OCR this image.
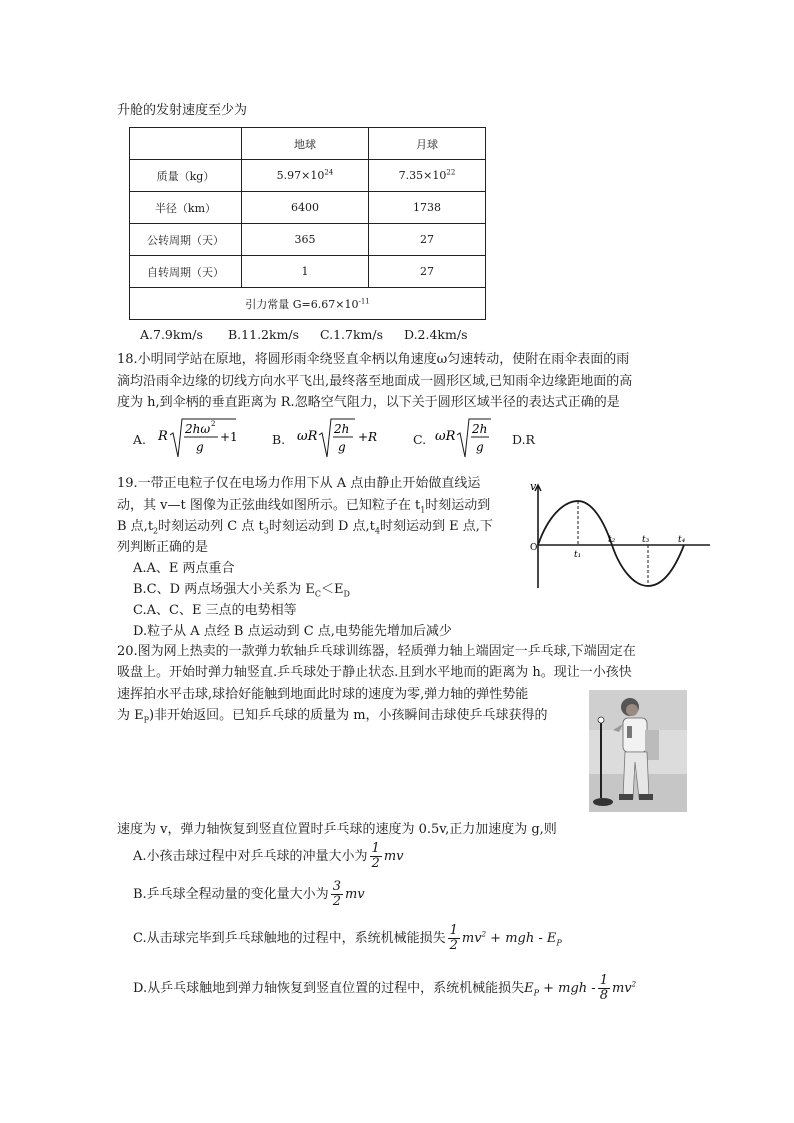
升舱的发射速度至少为
	地球	月球
质量（kg）	$5.97\times 10^{24}$	$7.35\times 10^{22}$
半径（km）	6400	1738
公转周期（天）	365	27
自转周期（天）	1	27
引力常量 $G=6.67\times 10^{-11}$
A.7.9km/s B.11.2km/s C.1.7km/s D.2.4km/s
18.小明同学站在原地，将圆形雨伞绕竖直伞柄以角速度ω匀速转动，使附在雨伞表面的雨
滴均沿雨伞边缘的切线方向水平飞出,最终落至地面成一圆形区域,已知雨伞边缘距地面的高
度为 h,到伞柄的垂直距离为 R.忽略空气阻力，以下关于圆形区域半径的表达式正确的是
A. R 2hω 2
g
+1	B. ωR 2h
g
+ R	C. ωR 2h
g D.R
19.一带正电粒子仅在电场力作用下从 A 点由静止开始做直线运
动，其 v—t 图像为正弦曲线如图所示。已知粒子在 $t_1$时刻运动到
B 点$,t_2$时刻运动列 C 点 $t_3$时刻运动到 D 点$,t_4$时刻运动到 E 点,下
列判断正确的是
A.A、E 两点重合
B.C、D 两点场强大小关系为 $E_C<E_D$
C.A、C、E 三点的电势相等
D.粒子从 A 点经 B 点运动到 C 点,电势能先增加后减少
v
O
t₁
t₂	t₃	t₄
20.图为网上热卖的一款弹力软轴乒乓球训练器，轻质弹力轴上端固定一乒乓球,下端固定在
吸盘上。开始时弹力轴竖直.乒乓球处于静止状态.且到水平地而的距离为 h。现让一小孩快
速挥拍水平击球,球拾好能触到地面此时球的速度为零,弹力轴的弹性势能
为 $E_P$)非开始返回。已知乒乓球的质量为 m，小孩瞬间击球使乒乓球获得的
速度为 v，弹力轴恢复到竖直位置时乒乓球的速度为 0.5v,正力加速度为 g,则
A.小孩击球过程中对乒乓球的冲量大小为 $\frac{1}{2}$ mv
B.乒乓球全程动量的变化量大小为 $\frac{3}{2}$ mv
C.从击球完毕到乒乓球触地的过程中，系统机械能损失 $\frac{1}{2} mv^2$ + mgh - $E_P$
D.从乒乓球触地到弹力轴恢复到竖直位置的过程中，系统机械能损失$E_P$ + mgh - $\frac{1}{8} mv^2$
